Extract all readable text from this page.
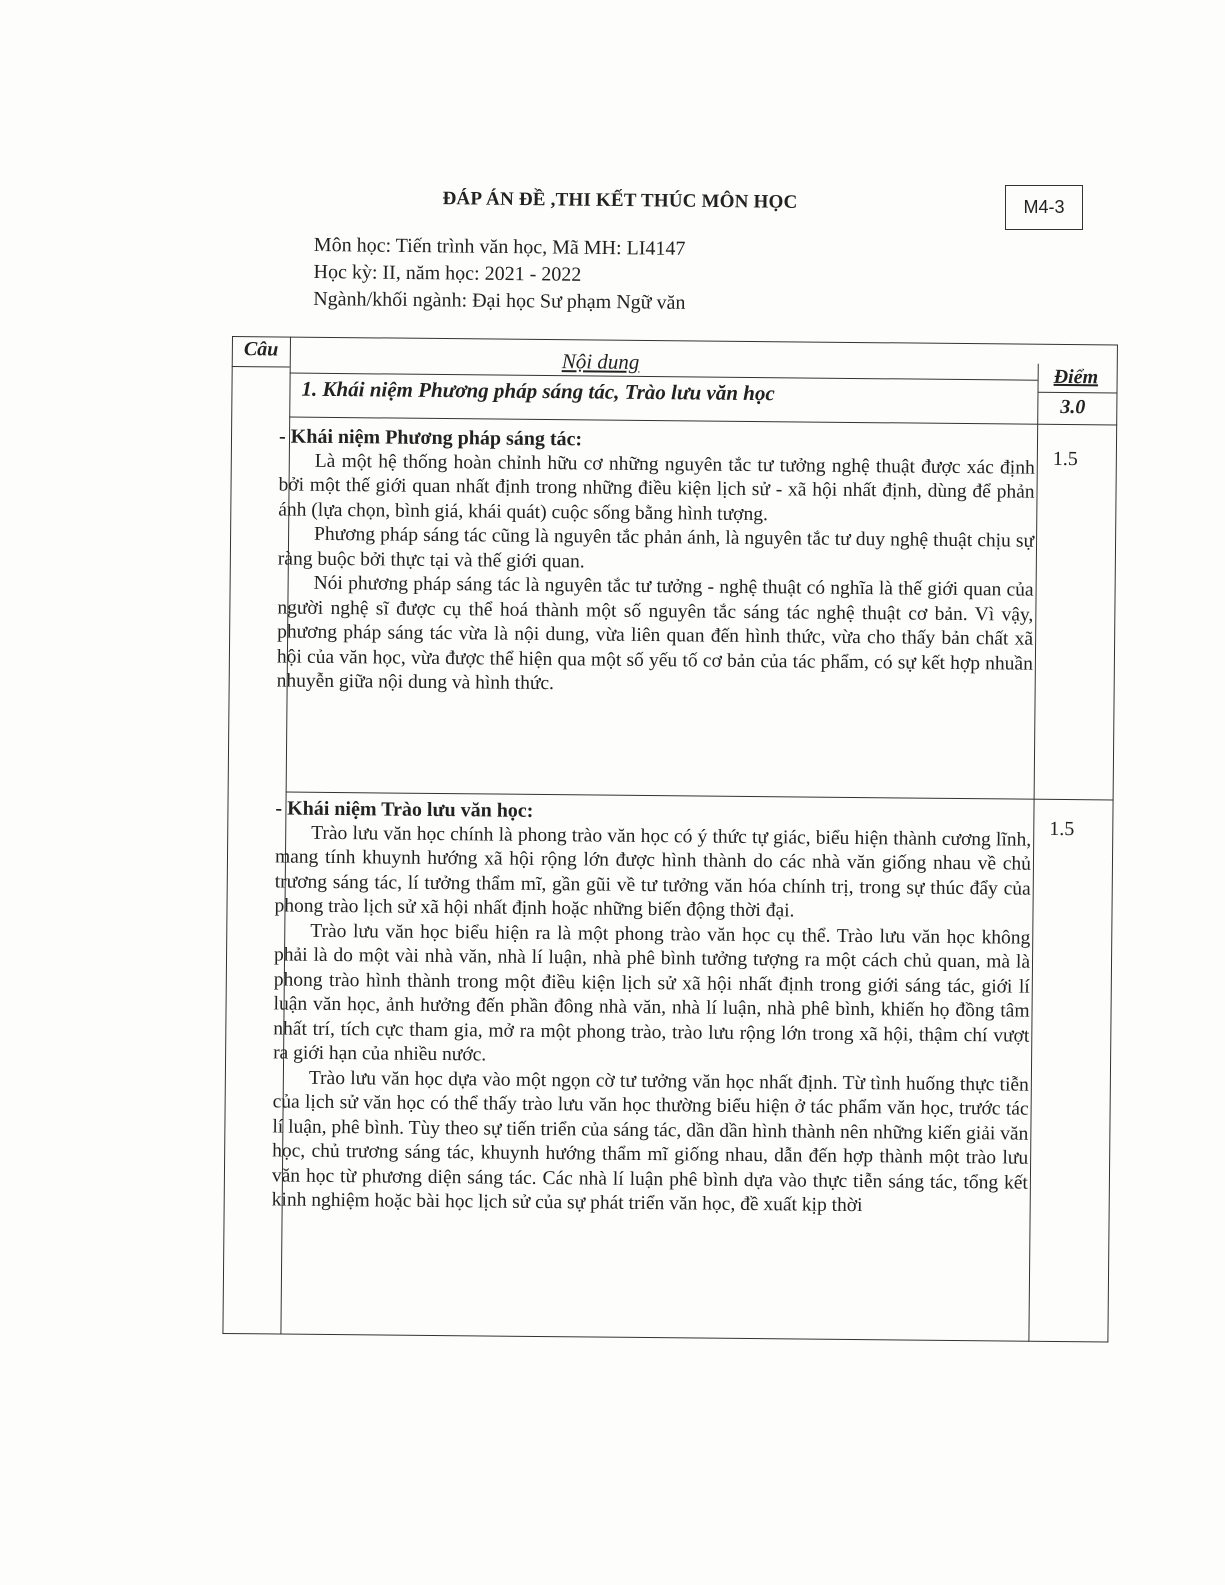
ĐÁP ÁN ĐỀ ,THI KẾT THÚC MÔN HỌC	M4-3
Môn học: Tiến trình văn học, Mã MH: LI4147
Học kỳ: II, năm học: 2021 - 2022
Ngành/khối ngành: Đại học Sư phạm Ngữ văn
Câu	Nội dung
Điểm
1. Khái niệm Phương pháp sáng tác, Trào lưu văn học
3.0
- Khái niệm Phương pháp sáng tác:

Là một hệ thống hoàn chỉnh hữu cơ những nguyên tắc tư tưởng nghệ thuật được xác định bởi một thế giới quan nhất định trong những điều kiện lịch sử - xã hội nhất định, dùng để phản ánh (lựa chọn, bình giá, khái quát) cuộc sống bằng hình tượng.

Phương pháp sáng tác cũng là nguyên tắc phản ánh, là nguyên tắc tư duy nghệ thuật chịu sự ràng buộc bởi thực tại và thế giới quan.

Nói phương pháp sáng tác là nguyên tắc tư tưởng - nghệ thuật có nghĩa là thế giới quan của người nghệ sĩ được cụ thể hoá thành một số nguyên tắc sáng tác nghệ thuật cơ bản. Vì vậy, phương pháp sáng tác vừa là nội dung, vừa liên quan đến hình thức, vừa cho thấy bản chất xã hội của văn học, vừa được thể hiện qua một số yếu tố cơ bản của tác phẩm, có sự kết hợp nhuần nhuyễn giữa nội dung và hình thức.

1.5
- Khái niệm Trào lưu văn học:

Trào lưu văn học chính là phong trào văn học có ý thức tự giác, biểu hiện thành cương lĩnh, mang tính khuynh hướng xã hội rộng lớn được hình thành do các nhà văn giống nhau về chủ trương sáng tác, lí tưởng thẩm mĩ, gần gũi về tư tưởng văn hóa chính trị, trong sự thúc đẩy của phong trào lịch sử xã hội nhất định hoặc những biến động thời đại.

Trào lưu văn học biểu hiện ra là một phong trào văn học cụ thể. Trào lưu văn học không phải là do một vài nhà văn, nhà lí luận, nhà phê bình tưởng tượng ra một cách chủ quan, mà là phong trào hình thành trong một điều kiện lịch sử xã hội nhất định trong giới sáng tác, giới lí luận văn học, ảnh hưởng đến phần đông nhà văn, nhà lí luận, nhà phê bình, khiến họ đồng tâm nhất trí, tích cực tham gia, mở ra một phong trào, trào lưu rộng lớn trong xã hội, thậm chí vượt ra giới hạn của nhiều nước.

Trào lưu văn học dựa vào một ngọn cờ tư tưởng văn học nhất định. Từ tình huống thực tiễn của lịch sử văn học có thể thấy trào lưu văn học thường biểu hiện ở tác phẩm văn học, trước tác lí luận, phê bình. Tùy theo sự tiến triển của sáng tác, dần dần hình thành nên những kiến giải văn học, chủ trương sáng tác, khuynh hướng thẩm mĩ giống nhau, dẫn đến hợp thành một trào lưu văn học từ phương diện sáng tác. Các nhà lí luận phê bình dựa vào thực tiễn sáng tác, tổng kết kinh nghiệm hoặc bài học lịch sử của sự phát triển văn học, đề xuất kịp thời

1.5
